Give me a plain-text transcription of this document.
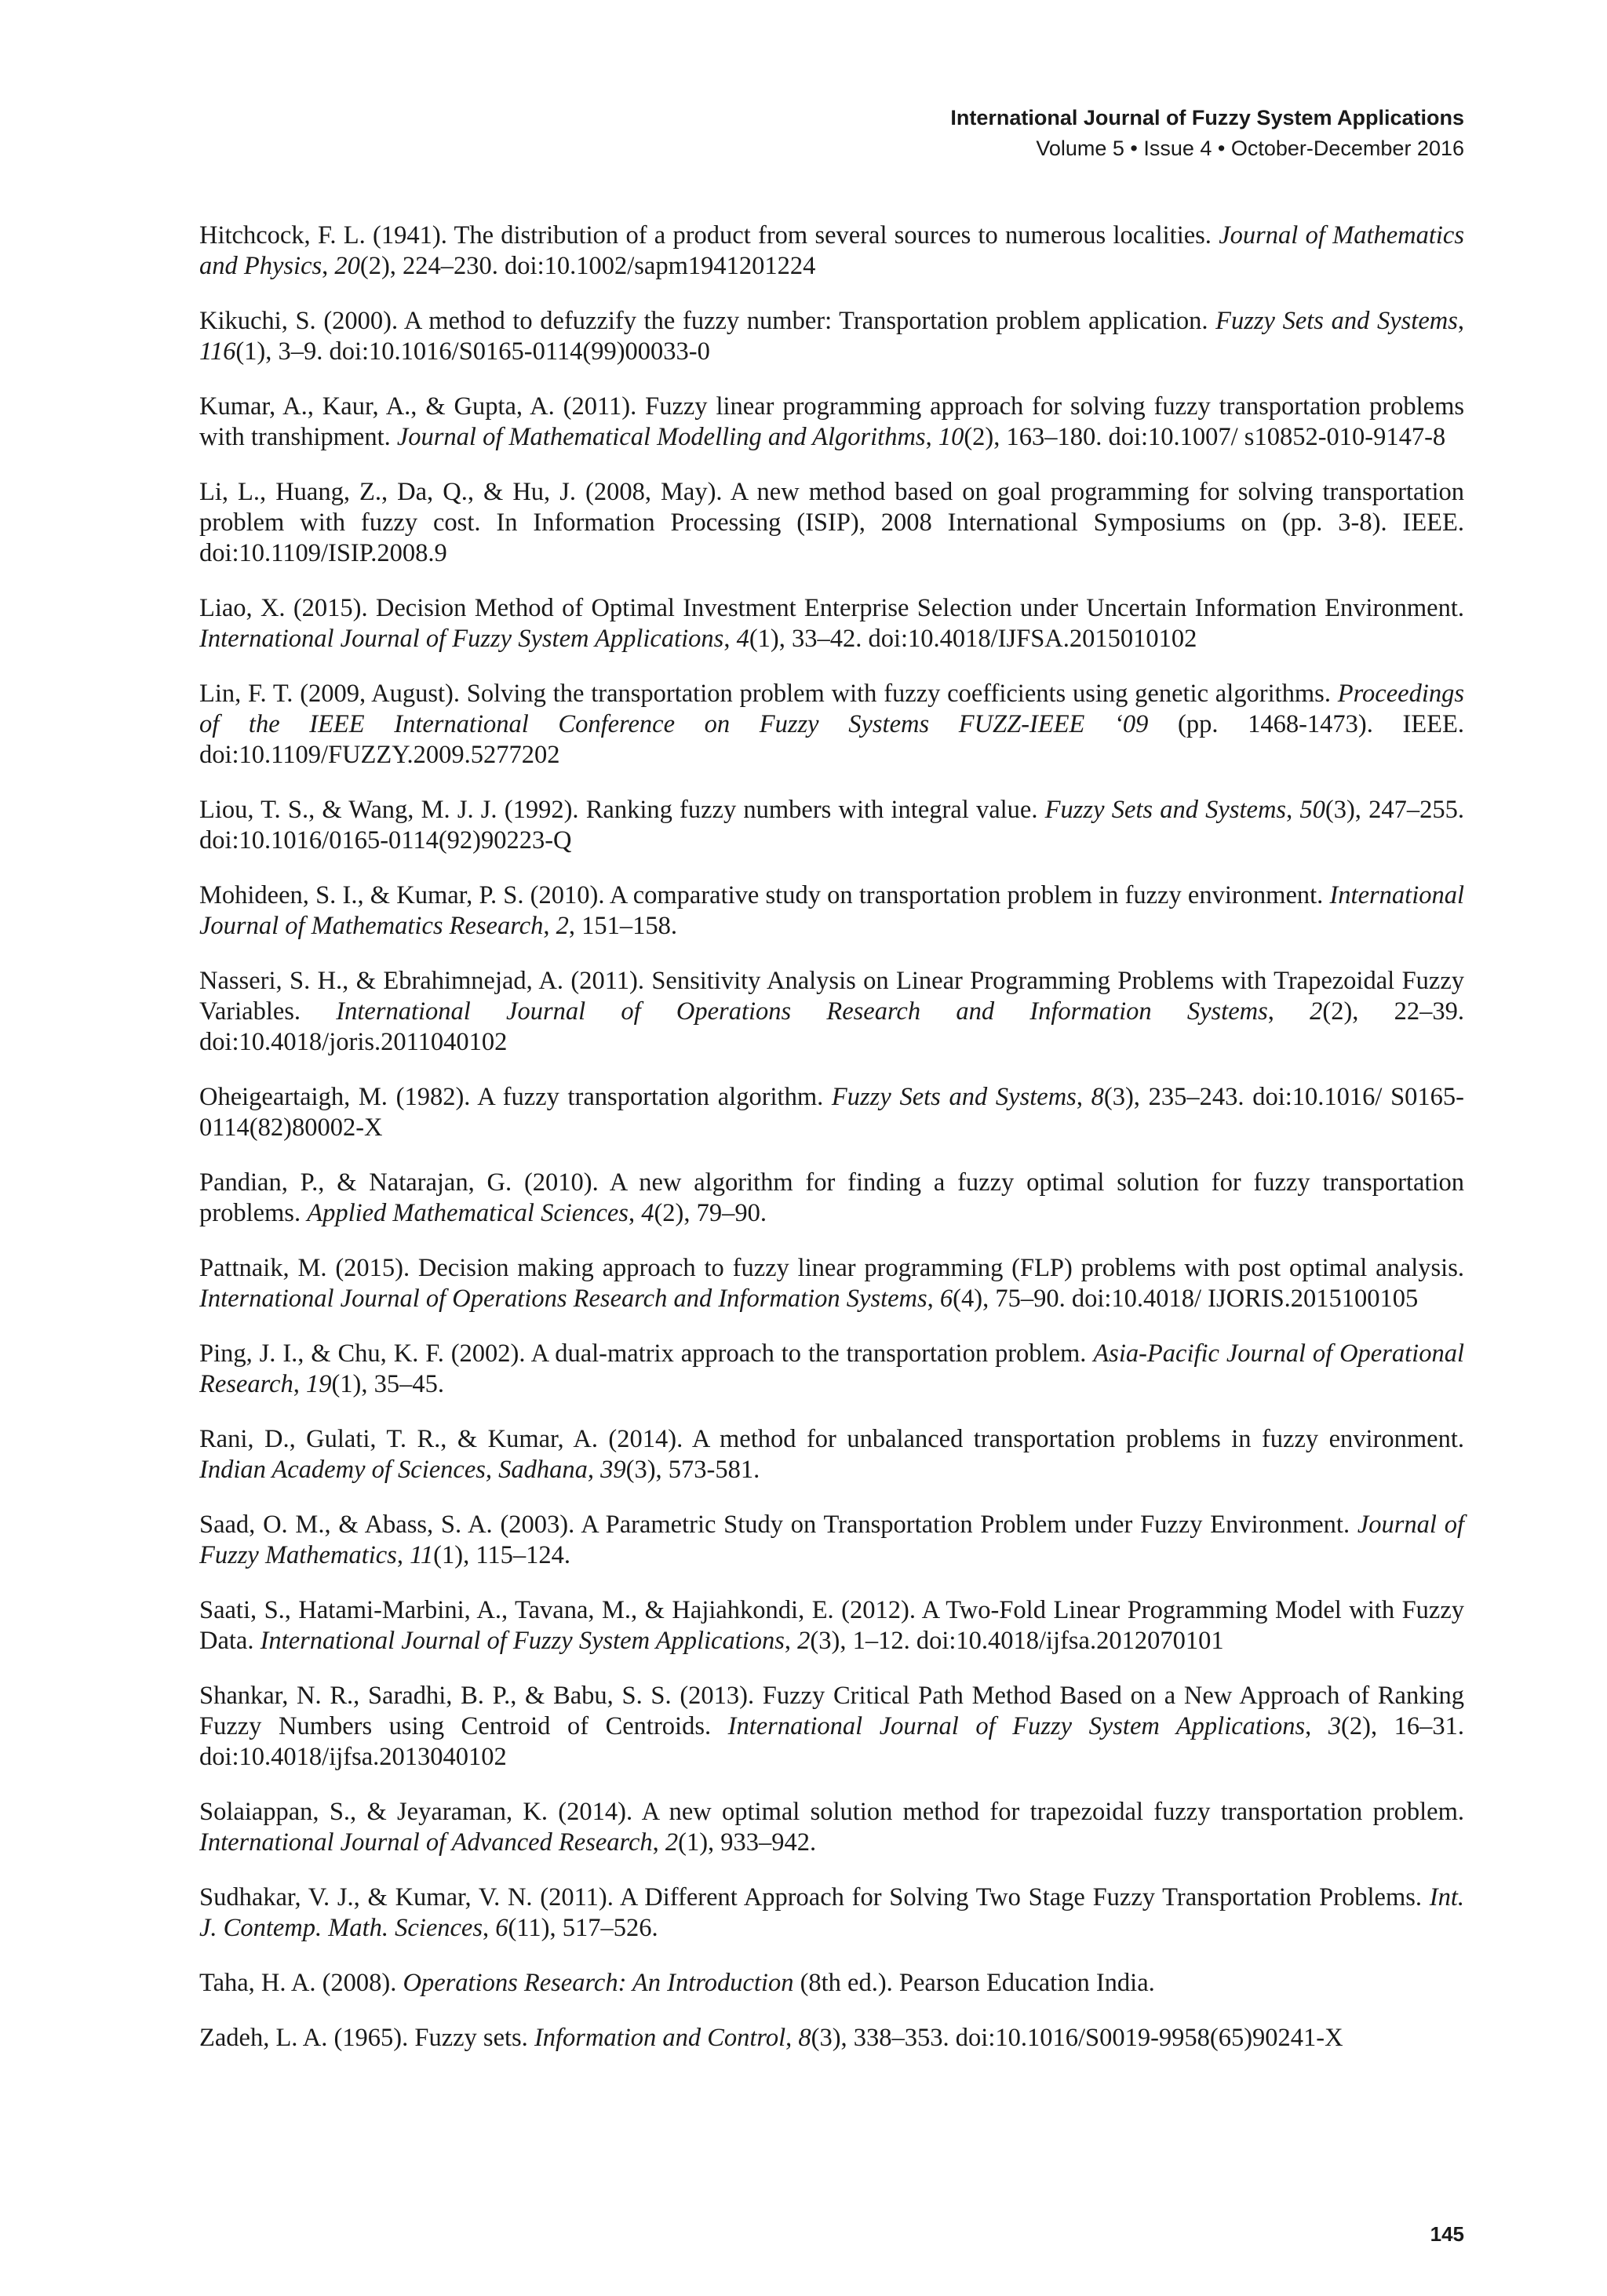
International Journal of Fuzzy System Applications
Volume 5 • Issue 4 • October-December 2016

Hitchcock, F. L. (1941). The distribution of a product from several sources to numerous localities. Journal of Mathematics and Physics, 20(2), 224–230. doi:10.1002/sapm1941201224

Kikuchi, S. (2000). A method to defuzzify the fuzzy number: Transportation problem application. Fuzzy Sets and Systems, 116(1), 3–9. doi:10.1016/S0165-0114(99)00033-0

Kumar, A., Kaur, A., & Gupta, A. (2011). Fuzzy linear programming approach for solving fuzzy transportation problems with transhipment. Journal of Mathematical Modelling and Algorithms, 10(2), 163–180. doi:10.1007/ s10852-010-9147-8

Li, L., Huang, Z., Da, Q., & Hu, J. (2008, May). A new method based on goal programming for solving transportation problem with fuzzy cost. In Information Processing (ISIP), 2008 International Symposiums on (pp. 3-8). IEEE. doi:10.1109/ISIP.2008.9

Liao, X. (2015). Decision Method of Optimal Investment Enterprise Selection under Uncertain Information Environment. International Journal of Fuzzy System Applications, 4(1), 33–42. doi:10.4018/IJFSA.2015010102

Lin, F. T. (2009, August). Solving the transportation problem with fuzzy coefficients using genetic algorithms. Proceedings of the IEEE International Conference on Fuzzy Systems FUZZ-IEEE ‘09 (pp. 1468-1473). IEEE. doi:10.1109/FUZZY.2009.5277202

Liou, T. S., & Wang, M. J. J. (1992). Ranking fuzzy numbers with integral value. Fuzzy Sets and Systems, 50(3), 247–255. doi:10.1016/0165-0114(92)90223-Q

Mohideen, S. I., & Kumar, P. S. (2010). A comparative study on transportation problem in fuzzy environment. International Journal of Mathematics Research, 2, 151–158.

Nasseri, S. H., & Ebrahimnejad, A. (2011). Sensitivity Analysis on Linear Programming Problems with Trapezoidal Fuzzy Variables. International Journal of Operations Research and Information Systems, 2(2), 22–39. doi:10.4018/joris.2011040102

Oheigeartaigh, M. (1982). A fuzzy transportation algorithm. Fuzzy Sets and Systems, 8(3), 235–243. doi:10.1016/ S0165-0114(82)80002-X

Pandian, P., & Natarajan, G. (2010). A new algorithm for finding a fuzzy optimal solution for fuzzy transportation problems. Applied Mathematical Sciences, 4(2), 79–90.

Pattnaik, M. (2015). Decision making approach to fuzzy linear programming (FLP) problems with post optimal analysis. International Journal of Operations Research and Information Systems, 6(4), 75–90. doi:10.4018/ IJORIS.2015100105

Ping, J. I., & Chu, K. F. (2002). A dual-matrix approach to the transportation problem. Asia-Pacific Journal of Operational Research, 19(1), 35–45.

Rani, D., Gulati, T. R., & Kumar, A. (2014). A method for unbalanced transportation problems in fuzzy environment. Indian Academy of Sciences, Sadhana, 39(3), 573-581.

Saad, O. M., & Abass, S. A. (2003). A Parametric Study on Transportation Problem under Fuzzy Environment. Journal of Fuzzy Mathematics, 11(1), 115–124.

Saati, S., Hatami-Marbini, A., Tavana, M., & Hajiahkondi, E. (2012). A Two-Fold Linear Programming Model with Fuzzy Data. International Journal of Fuzzy System Applications, 2(3), 1–12. doi:10.4018/ijfsa.2012070101

Shankar, N. R., Saradhi, B. P., & Babu, S. S. (2013). Fuzzy Critical Path Method Based on a New Approach of Ranking Fuzzy Numbers using Centroid of Centroids. International Journal of Fuzzy System Applications, 3(2), 16–31. doi:10.4018/ijfsa.2013040102

Solaiappan, S., & Jeyaraman, K. (2014). A new optimal solution method for trapezoidal fuzzy transportation problem. International Journal of Advanced Research, 2(1), 933–942.

Sudhakar, V. J., & Kumar, V. N. (2011). A Different Approach for Solving Two Stage Fuzzy Transportation Problems. Int. J. Contemp. Math. Sciences, 6(11), 517–526.

Taha, H. A. (2008). Operations Research: An Introduction (8th ed.). Pearson Education India.

Zadeh, L. A. (1965). Fuzzy sets. Information and Control, 8(3), 338–353. doi:10.1016/S0019-9958(65)90241-X

145
